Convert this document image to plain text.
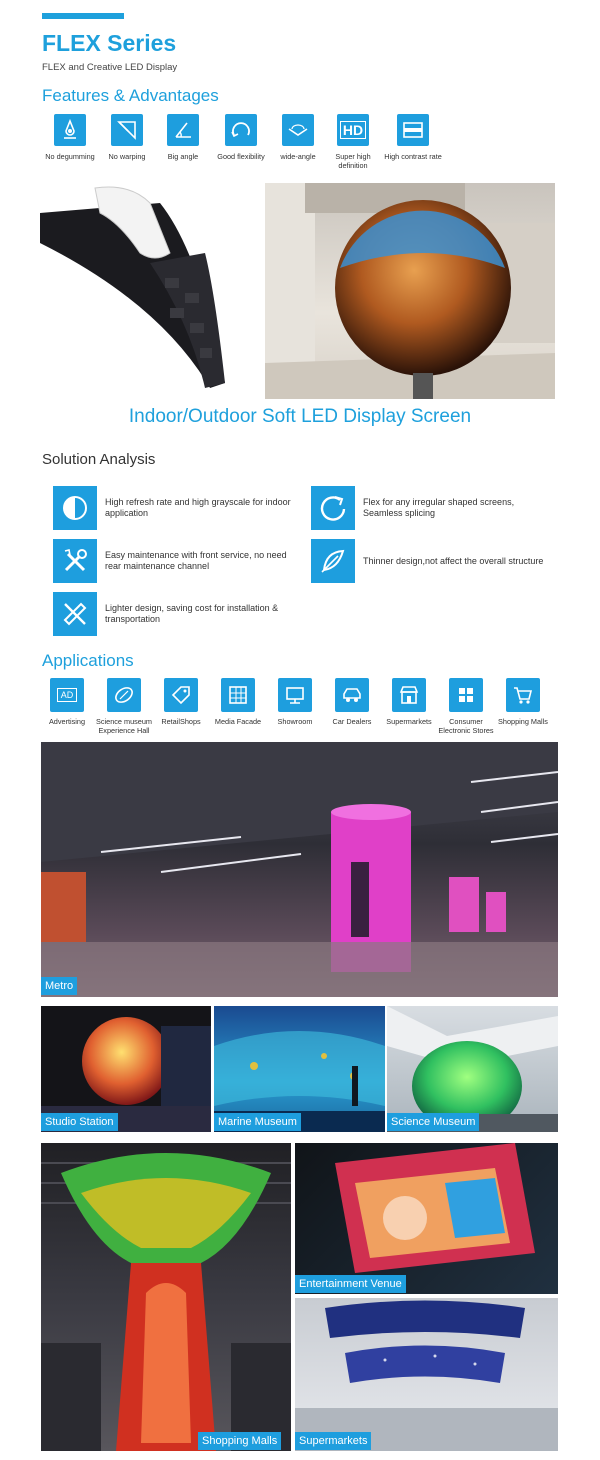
FLEX Series
FLEX and Creative LED Display
Features & Advantages
No degumming	No warping	Big angle	Good flexibility	wide-angle
HD
Super high definition
High contrast rate
Indoor/Outdoor Soft LED Display Screen
Solution Analysis
High refresh rate and high grayscale for indoor application
Flex for any irregular shaped screens, Seamless splicing
Easy maintenance with front service, no need rear maintenance channel
Thinner design,not affect the overall structure
Lighter design, saving cost for installation & transportation
Applications
AD
Advertising	Science museum Experience Hall
RetailShops	Media Facade	Showroom	Car Dealers	Supermarkets	Consumer Electronic Stores
Shopping Malls
Metro
Studio Station	Marine Museum	Science Museum
Entertainment Venue
Shopping Malls	Supermarkets
